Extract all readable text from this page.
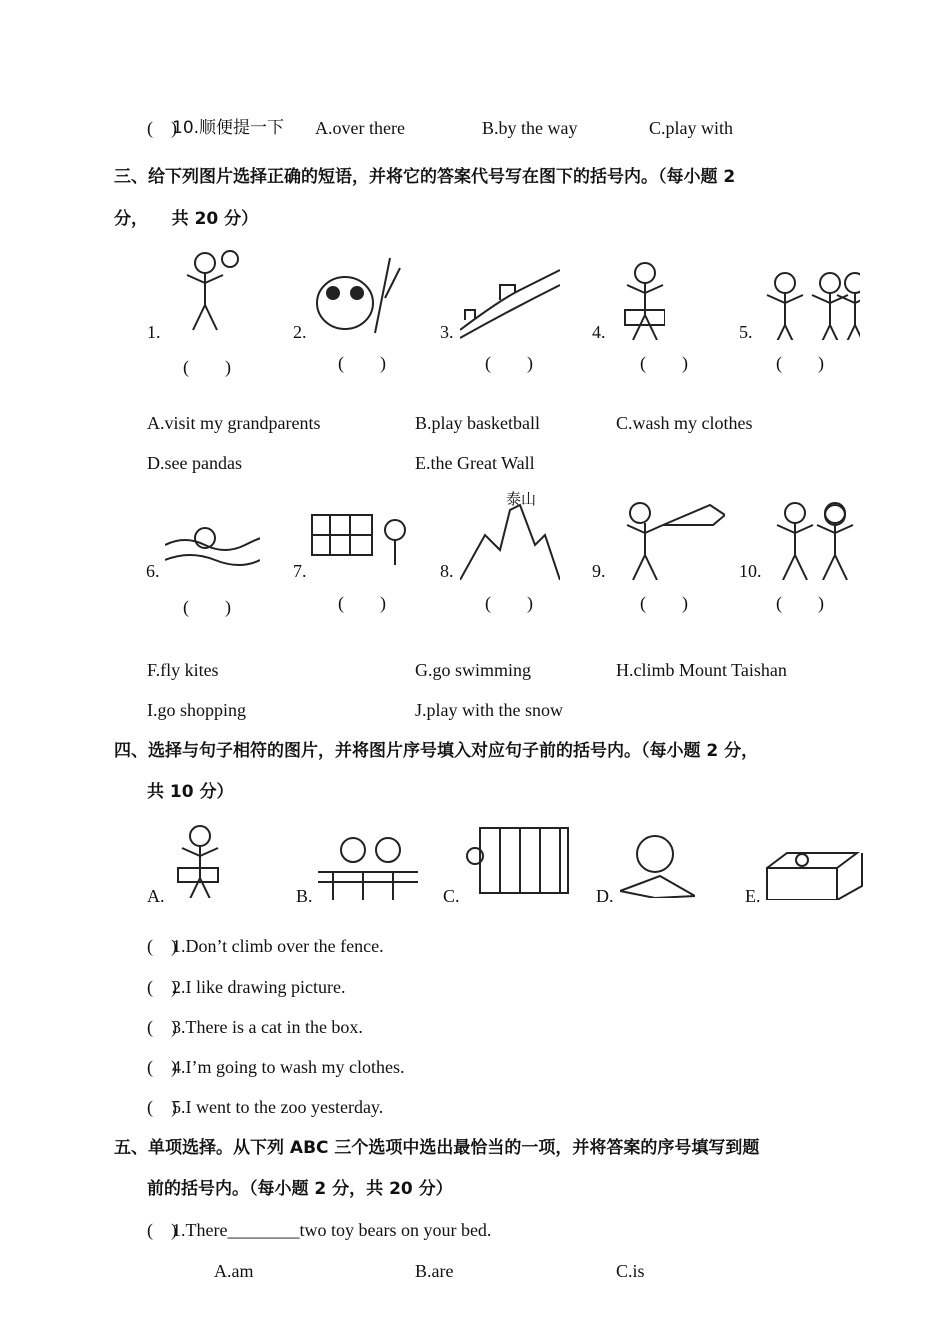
(    )
10.顺便提一下 A.over there	B.by the way	C.play with
三、给下列图片选择正确的短语，并将它的答案代号写在图下的括号内。（每小题 2
分，    共 20 分）
A.visit my grandparents	B.play basketball	C.wash my clothes
D.see pandas	E.the Great Wall
泰山
F.fly kites	G.go swimming	H.climb Mount Taishan
I.go shopping	J.play with the snow
四、选择与句子相符的图片，并将图片序号填入对应句子前的括号内。（每小题 2 分，
共 10 分）
五、单项选择。从下列 ABC 三个选项中选出最恰当的一项，并将答案的序号填写到题
前的括号内。（每小题 2 分，共 20 分）
(    )
1.There________two toy bears on your bed.
A.am	B.are	C.is
1.	2.	3.	4.	5.
(        )	(        )	(        )	(        )	(        )
6.	7.	8.	9.	10.
(        )	(        )	(        )	(        )	(        )
A.	B.	C.	D.	E.
(    )
1.Don’t climb over the fence.
(    )
2.I like drawing picture.
(    )
3.There is a cat in the box.
(    )
4.I’m going to wash my clothes.
(    )
5.I went to the zoo yesterday.
